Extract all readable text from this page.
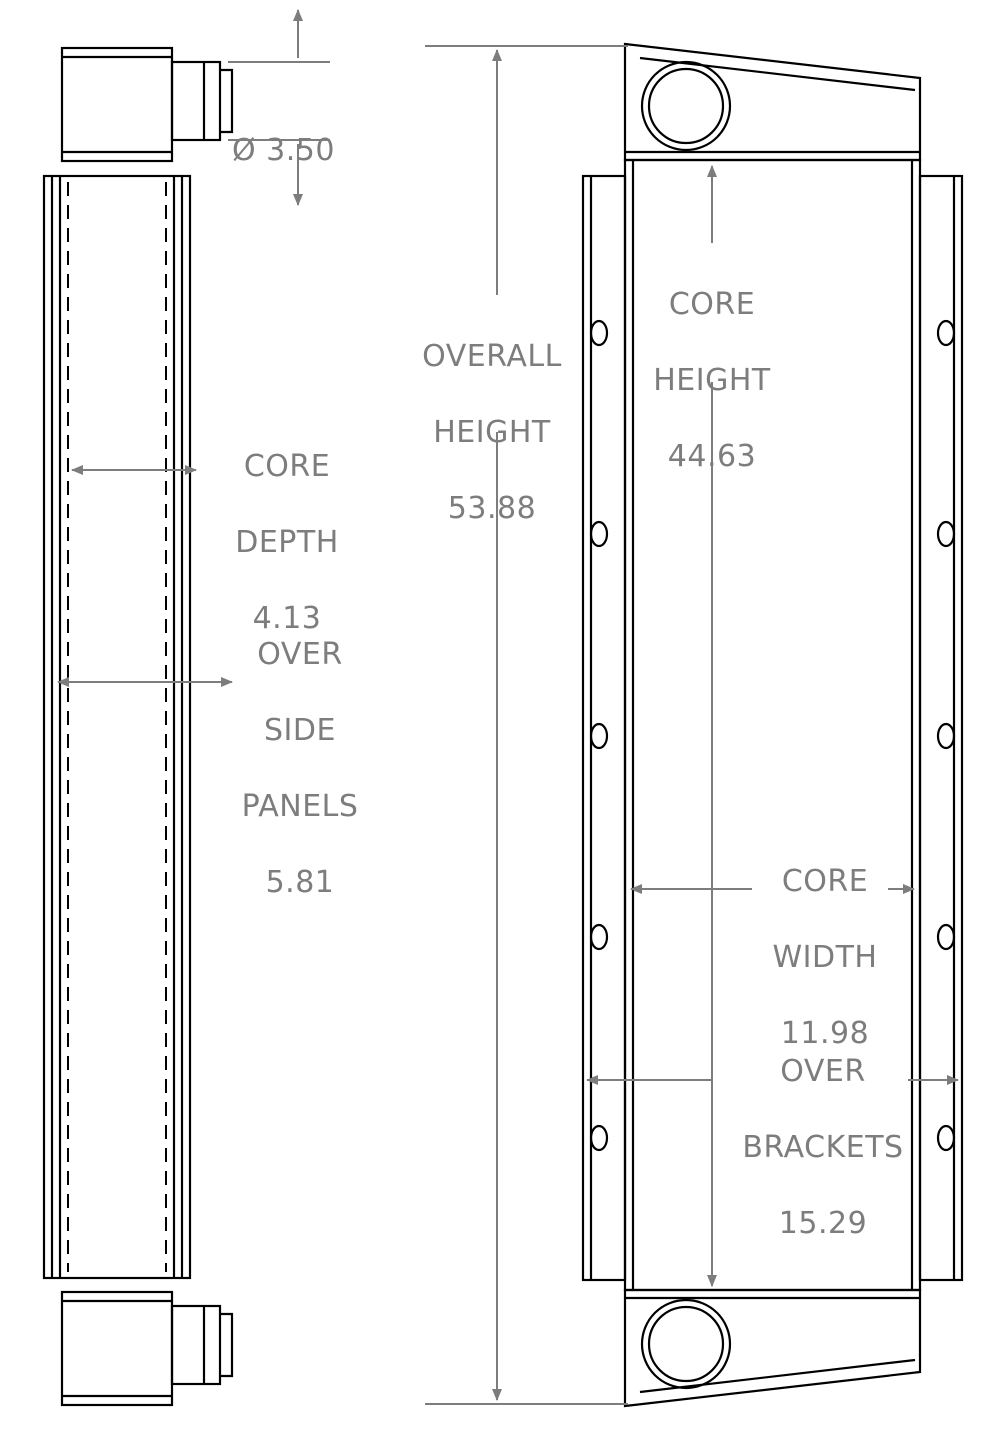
Ø 3.50

CORE

DEPTH

4.13

OVER

SIDE

PANELS

5.81

OVERALL

HEIGHT

53.88

CORE

HEIGHT

44.63

CORE

WIDTH

11.98

OVER

BRACKETS

15.29
